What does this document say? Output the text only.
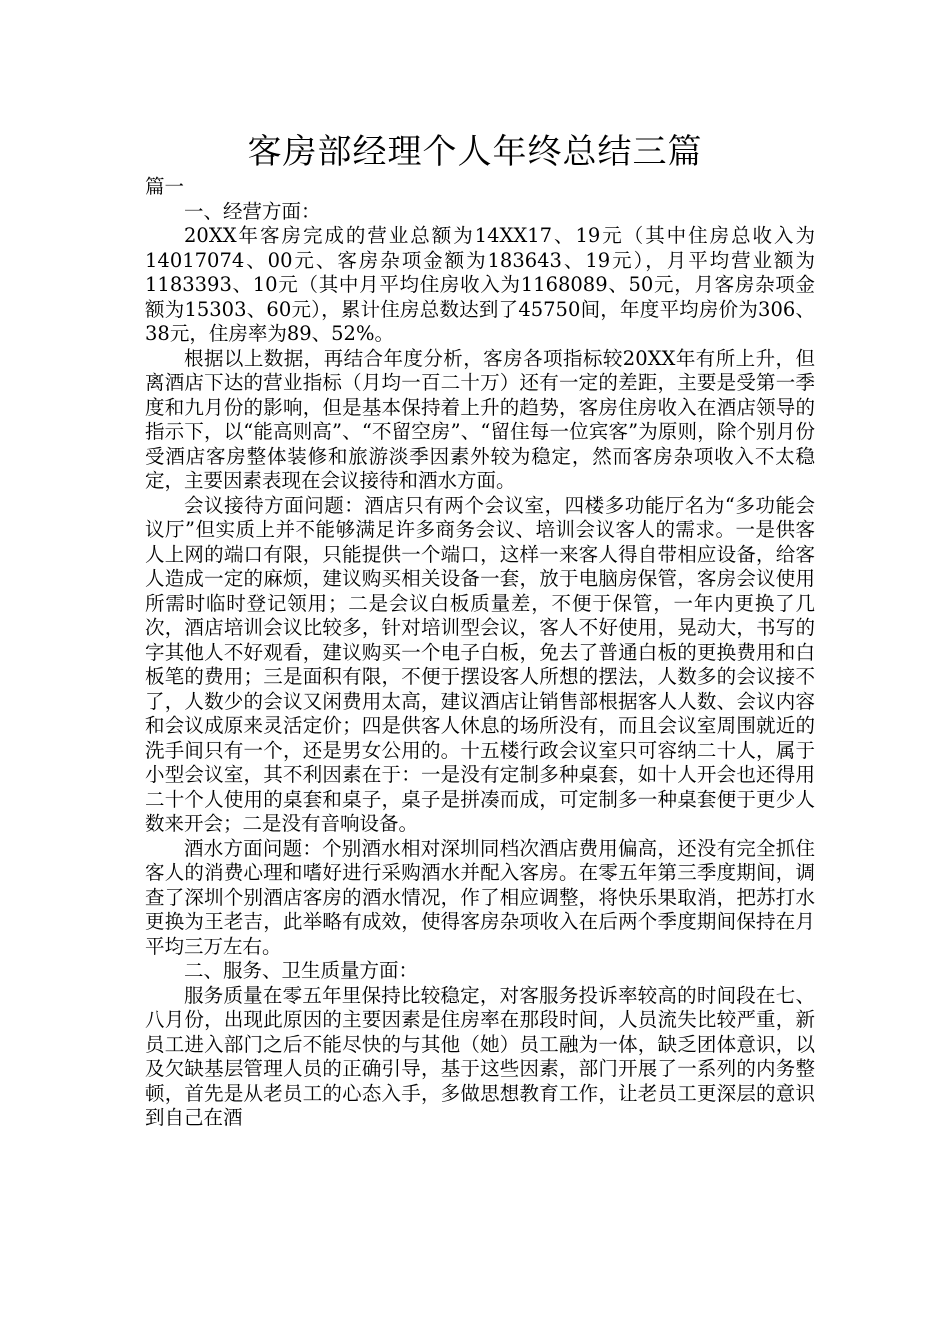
客房部经理个人年终总结三篇

篇一

一、经营方面：

20XX年客房完成的营业总额为14XX17、19元（其中住房总收入为14017074、00元、客房杂项金额为183643、19元），月平均营业额为1183393、10元（其中月平均住房收入为1168089、50元，月客房杂项金额为15303、60元），累计住房总数达到了45750间，年度平均房价为306、38元，住房率为89、52%。

根据以上数据，再结合年度分析，客房各项指标较20XX年有所上升，但离酒店下达的营业指标（月均一百二十万）还有一定的差距，主要是受第一季度和九月份的影响，但是基本保持着上升的趋势，客房住房收入在酒店领导的指示下，以“能高则高”、“不留空房”、“留住每一位宾客”为原则，除个别月份受酒店客房整体装修和旅游淡季因素外较为稳定，然而客房杂项收入不太稳定，主要因素表现在会议接待和酒水方面。

会议接待方面问题：酒店只有两个会议室，四楼多功能厅名为“多功能会议厅”但实质上并不能够满足许多商务会议、培训会议客人的需求。一是供客人上网的端口有限，只能提供一个端口，这样一来客人得自带相应设备，给客人造成一定的麻烦，建议购买相关设备一套，放于电脑房保管，客房会议使用所需时临时登记领用；二是会议白板质量差，不便于保管，一年内更换了几次，酒店培训会议比较多，针对培训型会议，客人不好使用，晃动大，书写的字其他人不好观看，建议购买一个电子白板，免去了普通白板的更换费用和白板笔的费用；三是面积有限，不便于摆设客人所想的摆法，人数多的会议接不了，人数少的会议又闲费用太高，建议酒店让销售部根据客人人数、会议内容和会议成原来灵活定价；四是供客人休息的场所没有，而且会议室周围就近的洗手间只有一个，还是男女公用的。十五楼行政会议室只可容纳二十人，属于小型会议室，其不利因素在于：一是没有定制多种桌套，如十人开会也还得用二十个人使用的桌套和桌子，桌子是拼凑而成，可定制多一种桌套便于更少人数来开会；二是没有音响设备。

酒水方面问题：个别酒水相对深圳同档次酒店费用偏高，还没有完全抓住客人的消费心理和嗜好进行采购酒水并配入客房。在零五年第三季度期间，调查了深圳个别酒店客房的酒水情况，作了相应调整，将快乐果取消，把苏打水更换为王老吉，此举略有成效，使得客房杂项收入在后两个季度期间保持在月平均三万左右。

二、服务、卫生质量方面：

服务质量在零五年里保持比较稳定，对客服务投诉率较高的时间段在七、八月份，出现此原因的主要因素是住房率在那段时间，人员流失比较严重，新员工进入部门之后不能尽快的与其他（她）员工融为一体，缺乏团体意识，以及欠缺基层管理人员的正确引导，基于这些因素，部门开展了一系列的内务整顿，首先是从老员工的心态入手，多做思想教育工作，让老员工更深层的意识到自己在酒
